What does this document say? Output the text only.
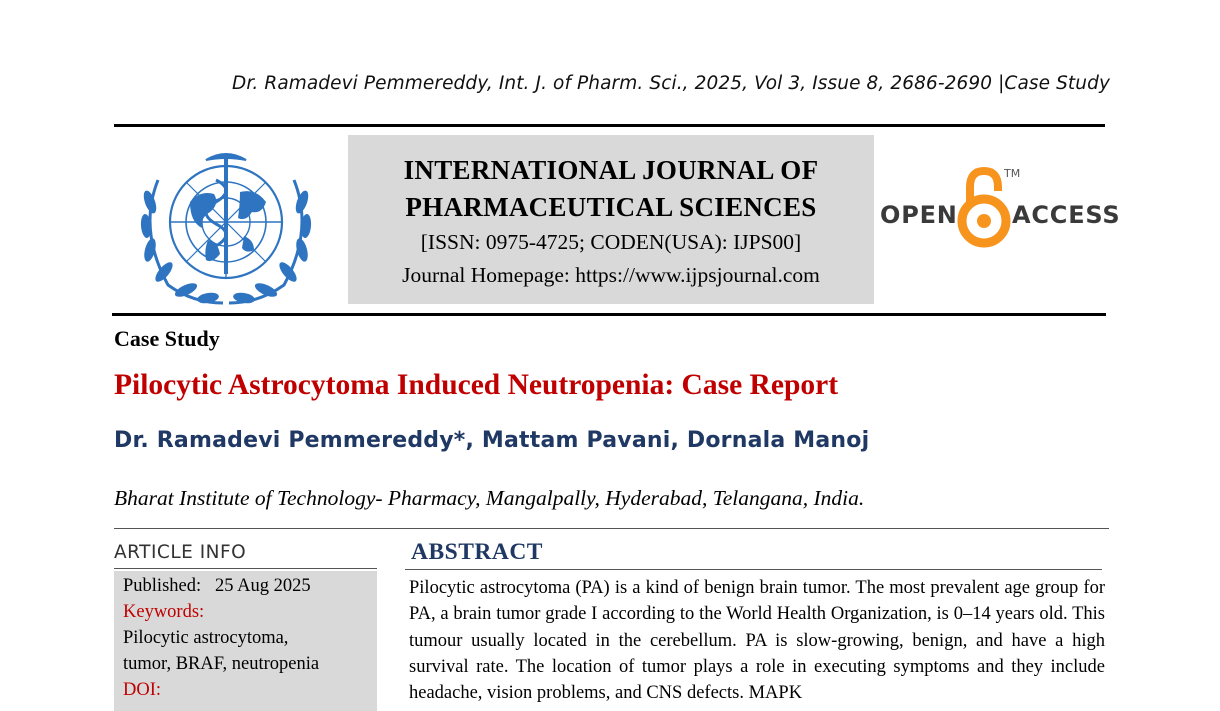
Dr. Ramadevi Pemmereddy, Int. J. of Pharm. Sci., 2025, Vol 3, Issue 8, 2686-2690 |Case Study
INTERNATIONAL JOURNAL OF
PHARMACEUTICAL SCIENCES
[ISSN: 0975-4725; CODEN(USA): IJPS00]
Journal Homepage: https://www.ijpsjournal.com
OPEN
TM
ACCESS
Case Study
Pilocytic Astrocytoma Induced Neutropenia: Case Report
Dr. Ramadevi Pemmereddy*, Mattam Pavani, Dornala Manoj
Bharat Institute of Technology- Pharmacy, Mangalpally, Hyderabad, Telangana, India.
ARTICLE INFO
Published: 25 Aug 2025
Keywords:
Pilocytic astrocytoma,
tumor, BRAF, neutropenia
DOI:
ABSTRACT
Pilocytic astrocytoma (PA) is a kind of benign brain tumor. The most prevalent age group for PA, a brain tumor grade I according to the World Health Organization, is 0–14 years old. This tumour usually located in the cerebellum. PA is slow-growing, benign, and have a high survival rate. The location of tumor plays a role in executing symptoms and they include headache, vision problems, and CNS defects. MAPK
